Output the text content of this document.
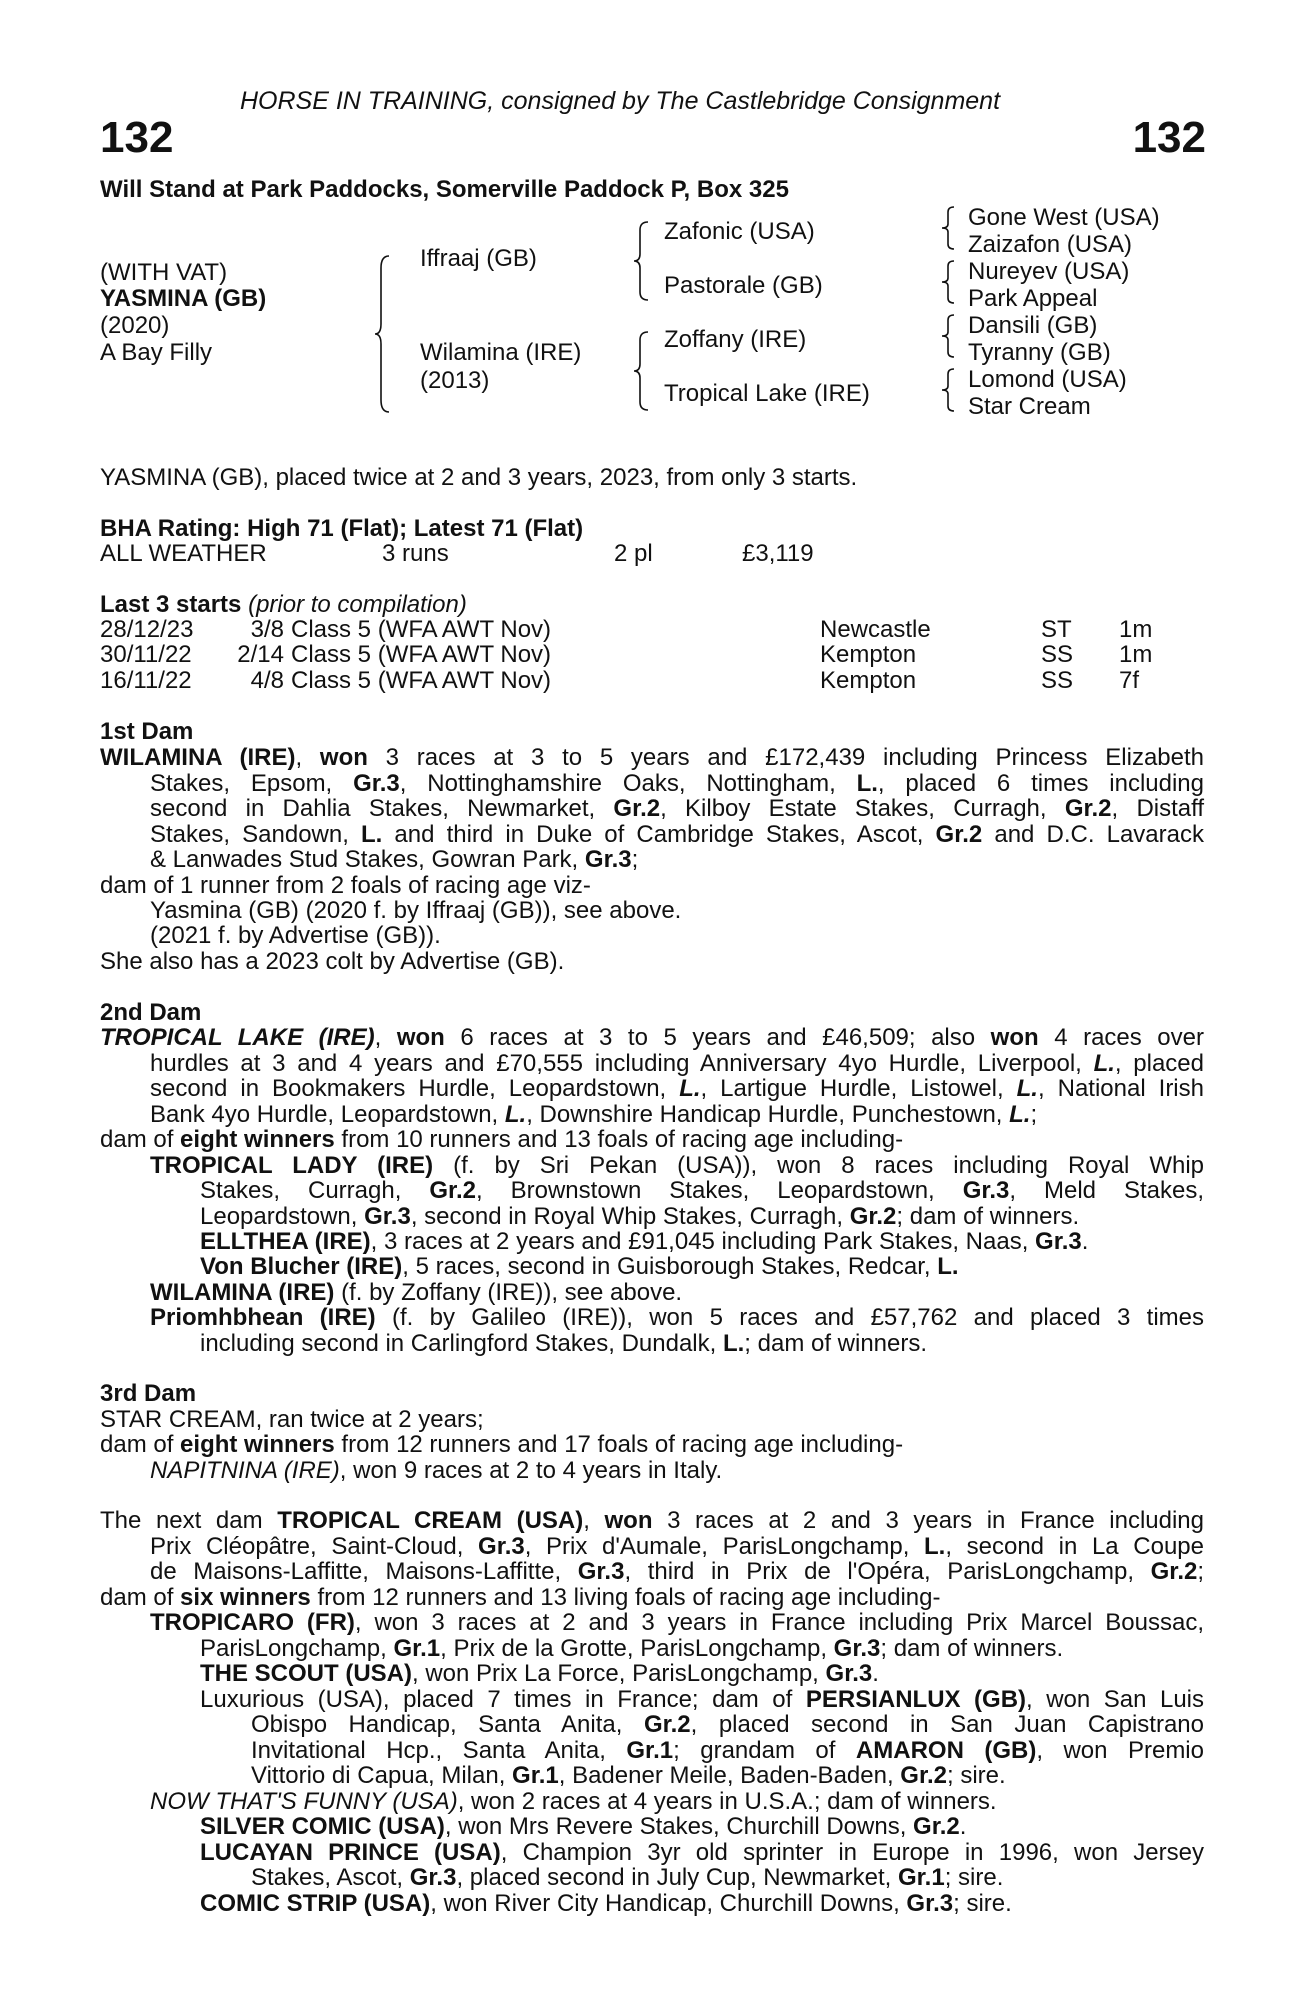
HORSE IN TRAINING, consigned by The Castlebridge Consignment
132	132
Will Stand at Park Paddocks, Somerville Paddock P, Box 325
(WITH VAT)
YASMINA (GB)
(2020)
A Bay Filly
Iffraaj (GB)
Wilamina (IRE)
(2013)
Zafonic (USA)
Pastorale (GB)
Zoffany (IRE)
Tropical Lake (IRE)
Gone West (USA)
Zaizafon (USA)
Nureyev (USA)
Park Appeal
Dansili (GB)
Tyranny (GB)
Lomond (USA)
Star Cream
YASMINA (GB), placed twice at 2 and 3 years, 2023, from only 3 starts.
BHA Rating: High 71 (Flat); Latest 71 (Flat)
ALL WEATHER	3 runs	2 pl	£3,119
Last 3 starts (prior to compilation)
28/12/23 3/8 Class 5 (WFA AWT Nov)	Newcastle	ST 1m
30/11/22 2/14 Class 5 (WFA AWT Nov)	Kempton	SS 1m
16/11/22 4/8 Class 5 (WFA AWT Nov)	Kempton	SS 7f
1st Dam
WILAMINA (IRE), won 3 races at 3 to 5 years and £172,439 including Princess Elizabeth
Stakes, Epsom, Gr.3, Nottinghamshire Oaks, Nottingham, L., placed 6 times including
second in Dahlia Stakes, Newmarket, Gr.2, Kilboy Estate Stakes, Curragh, Gr.2, Distaff
Stakes, Sandown, L. and third in Duke of Cambridge Stakes, Ascot, Gr.2 and D.C. Lavarack
& Lanwades Stud Stakes, Gowran Park, Gr.3;
dam of 1 runner from 2 foals of racing age viz-
Yasmina (GB) (2020 f. by Iffraaj (GB)), see above.
(2021 f. by Advertise (GB)).
She also has a 2023 colt by Advertise (GB).
2nd Dam
TROPICAL LAKE (IRE), won 6 races at 3 to 5 years and £46,509; also won 4 races over
hurdles at 3 and 4 years and £70,555 including Anniversary 4yo Hurdle, Liverpool, L., placed
second in Bookmakers Hurdle, Leopardstown, L., Lartigue Hurdle, Listowel, L., National Irish
Bank 4yo Hurdle, Leopardstown, L., Downshire Handicap Hurdle, Punchestown, L.;
dam of eight winners from 10 runners and 13 foals of racing age including-
TROPICAL LADY (IRE) (f. by Sri Pekan (USA)), won 8 races including Royal Whip
Stakes, Curragh, Gr.2, Brownstown Stakes, Leopardstown, Gr.3, Meld Stakes,
Leopardstown, Gr.3, second in Royal Whip Stakes, Curragh, Gr.2; dam of winners.
ELLTHEA (IRE), 3 races at 2 years and £91,045 including Park Stakes, Naas, Gr.3.
Von Blucher (IRE), 5 races, second in Guisborough Stakes, Redcar, L.
WILAMINA (IRE) (f. by Zoffany (IRE)), see above.
Priomhbhean (IRE) (f. by Galileo (IRE)), won 5 races and £57,762 and placed 3 times
including second in Carlingford Stakes, Dundalk, L.; dam of winners.
3rd Dam
STAR CREAM, ran twice at 2 years;
dam of eight winners from 12 runners and 17 foals of racing age including-
NAPITNINA (IRE), won 9 races at 2 to 4 years in Italy.
The next dam TROPICAL CREAM (USA), won 3 races at 2 and 3 years in France including
Prix Cléopâtre, Saint-Cloud, Gr.3, Prix d'Aumale, ParisLongchamp, L., second in La Coupe
de Maisons-Laffitte, Maisons-Laffitte, Gr.3, third in Prix de l'Opéra, ParisLongchamp, Gr.2;
dam of six winners from 12 runners and 13 living foals of racing age including-
TROPICARO (FR), won 3 races at 2 and 3 years in France including Prix Marcel Boussac,
ParisLongchamp, Gr.1, Prix de la Grotte, ParisLongchamp, Gr.3; dam of winners.
THE SCOUT (USA), won Prix La Force, ParisLongchamp, Gr.3.
Luxurious (USA), placed 7 times in France; dam of PERSIANLUX (GB), won San Luis
Obispo Handicap, Santa Anita, Gr.2, placed second in San Juan Capistrano
Invitational Hcp., Santa Anita, Gr.1; grandam of AMARON (GB), won Premio
Vittorio di Capua, Milan, Gr.1, Badener Meile, Baden-Baden, Gr.2; sire.
NOW THAT'S FUNNY (USA), won 2 races at 4 years in U.S.A.; dam of winners.
SILVER COMIC (USA), won Mrs Revere Stakes, Churchill Downs, Gr.2.
LUCAYAN PRINCE (USA), Champion 3yr old sprinter in Europe in 1996, won Jersey
Stakes, Ascot, Gr.3, placed second in July Cup, Newmarket, Gr.1; sire.
COMIC STRIP (USA), won River City Handicap, Churchill Downs, Gr.3; sire.
